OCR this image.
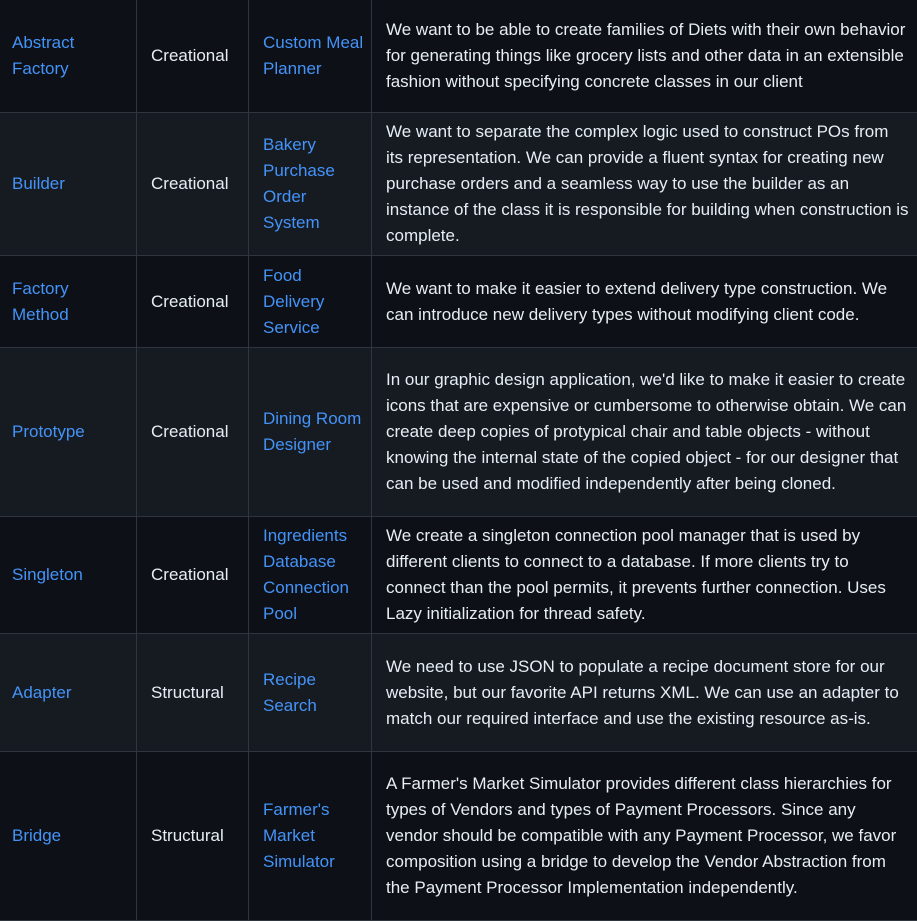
Abstract Factory	Creational	Custom Meal Planner	We want to be able to create families of Diets with their own behavior for generating things like grocery lists and other data in an extensible fashion without specifying concrete classes in our client
Builder	Creational	Bakery Purchase Order System	We want to separate the complex logic used to construct POs from its representation. We can provide a fluent syntax for creating new purchase orders and a seamless way to use the builder as an instance of the class it is responsible for building when construction is complete.
Factory Method	Creational	Food Delivery Service	We want to make it easier to extend delivery type construction. We can introduce new delivery types without modifying client code.
Prototype	Creational	Dining Room Designer	In our graphic design application, we'd like to make it easier to create icons that are expensive or cumbersome to otherwise obtain. We can create deep copies of protypical chair and table objects - without knowing the internal state of the copied object - for our designer that can be used and modified independently after being cloned.
Singleton	Creational	Ingredients Database Connection Pool	We create a singleton connection pool manager that is used by different clients to connect to a database. If more clients try to connect than the pool permits, it prevents further connection. Uses Lazy initialization for thread safety.
Adapter	Structural	Recipe Search	We need to use JSON to populate a recipe document store for our website, but our favorite API returns XML. We can use an adapter to match our required interface and use the existing resource as-is.
Bridge	Structural	Farmer's Market Simulator	A Farmer's Market Simulator provides different class hierarchies for types of Vendors and types of Payment Processors. Since any vendor should be compatible with any Payment Processor, we favor composition using a bridge to develop the Vendor Abstraction from the Payment Processor Implementation independently.
